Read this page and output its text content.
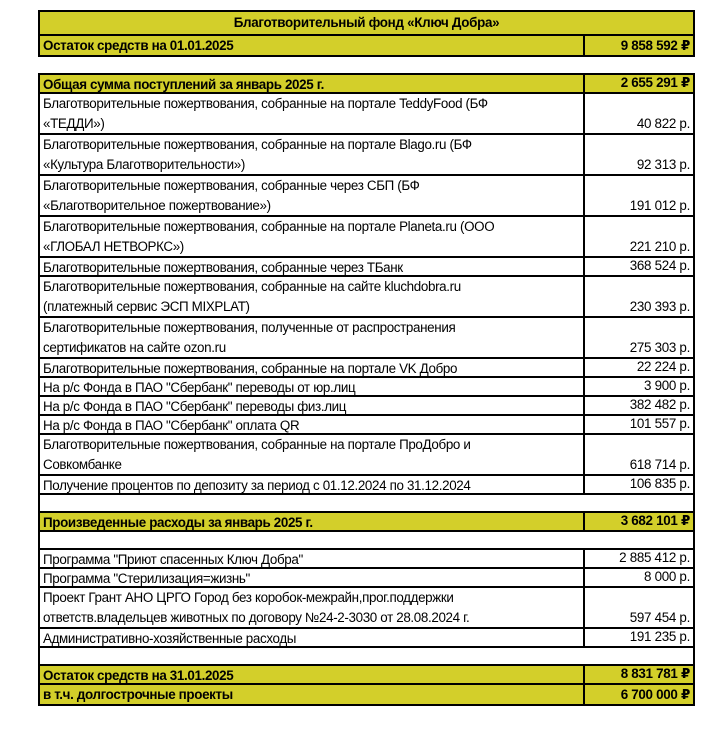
Благотворительный фонд «Ключ Добра»
Остаток средств на 01.01.2025	9 858 592 ₽
Общая сумма поступлений за январь 2025 г.	2 655 291 ₽
Благотворительные пожертвования, собранные на портале TeddyFood (БФ
«ТЕДДИ»)	40 822 р.
Благотворительные пожертвования, собранные на портале Blago.ru (БФ
«Культура Благотворительности»)	92 313 р.
Благотворительные пожертвования, собранные через СБП (БФ
«Благотворительное пожертвование»)	191 012 р.
Благотворительные пожертвования, собранные на портале Planeta.ru (ООО
«ГЛОБАЛ НЕТВОРКС»)	221 210 р.
Благотворительные пожертвования, собранные через ТБанк	368 524 р.
Благотворительные пожертвования, собранные на сайте kluchdobra.ru
(платежный сервис ЭСП MIXPLAT)	230 393 р.
Благотворительные пожертвования, полученные от распространения
сертификатов на сайте ozon.ru	275 303 р.
Благотворительные пожертвования, собранные на портале VK Добро	22 224 р.
На р/с Фонда в ПАО "Сбербанк" переводы от юр.лиц	3 900 р.
На р/с Фонда в ПАО "Сбербанк" переводы физ.лиц	382 482 р.
На р/с Фонда в ПАО "Сбербанк" оплата QR	101 557 р.
Благотворительные пожертвования, собранные на портале ПроДобро и
Совкомбанке	618 714 р.
Получение процентов по депозиту за период с 01.12.2024 по 31.12.2024	106 835 р.
Произведенные расходы за январь 2025 г.	3 682 101 ₽
Программа "Приют спасенных Ключ Добра"	2 885 412 р.
Программа "Стерилизация=жизнь"	8 000 р.
Проект Грант АНО ЦРГО Город без коробок-межрайн,прог.поддержки
ответств.владельцев животных по договору №24-2-3030 от 28.08.2024 г.	597 454 р.
Административно-хозяйственные расходы	191 235 р.
Остаток средств на 31.01.2025	8 831 781 ₽
в т.ч. долгострочные проекты	6 700 000 ₽
